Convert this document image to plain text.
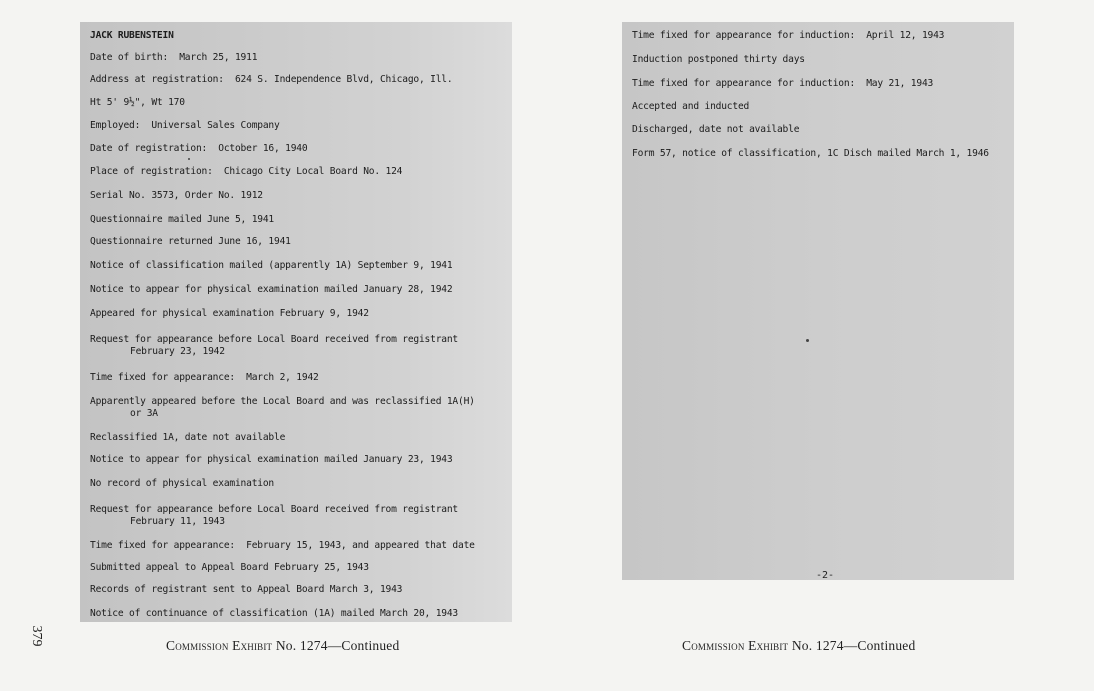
JACK RUBENSTEIN
Date of birth:  March 25, 1911
Address at registration:  624 S. Independence Blvd, Chicago, Ill.
Ht 5' 9½", Wt 170
Employed:  Universal Sales Company
Date of registration:  October 16, 1940
Place of registration:  Chicago City Local Board No. 124
Serial No. 3573, Order No. 1912
Questionnaire mailed June 5, 1941
Questionnaire returned June 16, 1941
Notice of classification mailed (apparently 1A) September 9, 1941
Notice to appear for physical examination mailed January 28, 1942
Appeared for physical examination February 9, 1942
Request for appearance before Local Board received from registrant
February 23, 1942
Time fixed for appearance:  March 2, 1942
Apparently appeared before the Local Board and was reclassified 1A(H)
or 3A
Reclassified 1A, date not available
Notice to appear for physical examination mailed January 23, 1943
No record of physical examination
Request for appearance before Local Board received from registrant
February 11, 1943
Time fixed for appearance:  February 15, 1943, and appeared that date
Submitted appeal to Appeal Board February 25, 1943
Records of registrant sent to Appeal Board March 3, 1943
Notice of continuance of classification (1A) mailed March 20, 1943
-2-
Time fixed for appearance for induction:  April 12, 1943
Induction postponed thirty days
Time fixed for appearance for induction:  May 21, 1943
Accepted and inducted
Discharged, date not available
Form 57, notice of classification, 1C Disch mailed March 1, 1946
Commission Exhibit No. 1274—Continued	Commission Exhibit No. 1274—Continued
379
